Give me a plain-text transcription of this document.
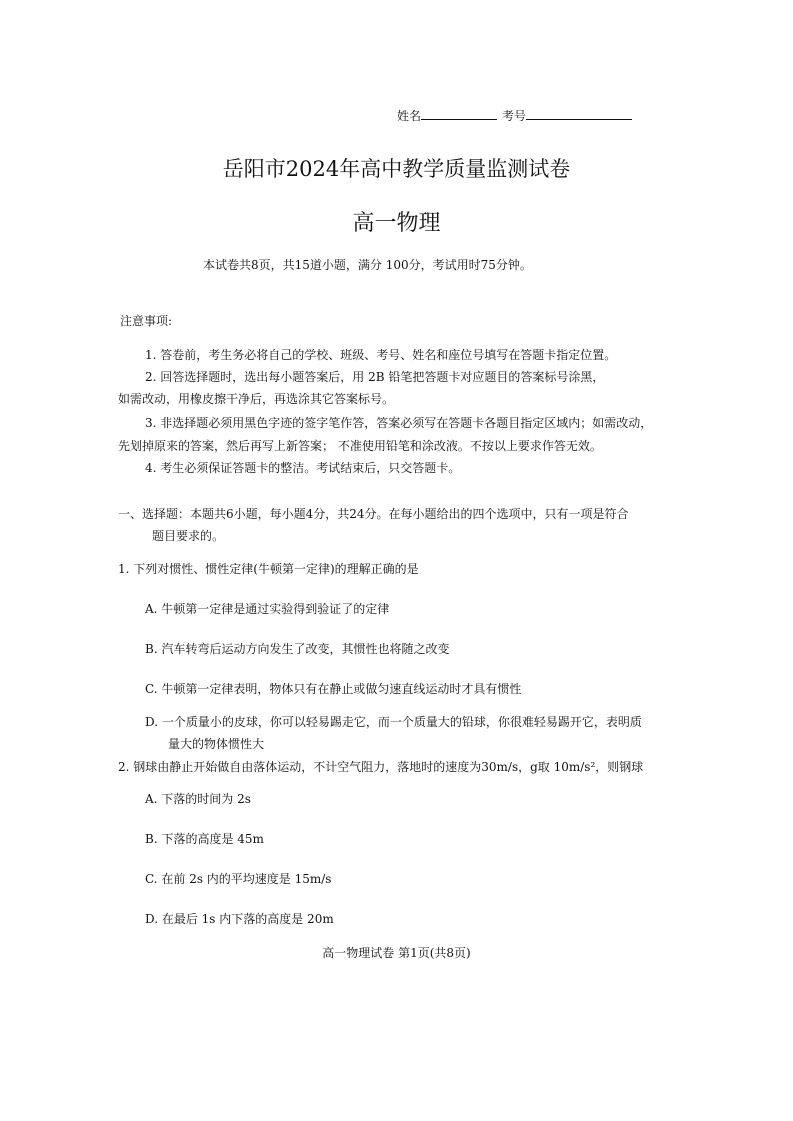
姓名	考号
岳阳市2024年高中教学质量监测试卷
高一物理
本试卷共8页，共15道小题，满分 100分，考试用时75分钟。
注意事项:
1. 答卷前，考生务必将自己的学校、班级、考号、姓名和座位号填写在答题卡指定位置。
2. 回答选择题时，选出每小题答案后，用 2B 铅笔把答题卡对应题目的答案标号涂黑，
如需改动，用橡皮擦干净后，再选涂其它答案标号。
3. 非选择题必须用黑色字迹的签字笔作答，答案必须写在答题卡各题目指定区域内；如需改动，
先划掉原来的答案，然后再写上新答案； 不准使用铅笔和涂改液。不按以上要求作答无效。
4. 考生必须保证答题卡的整洁。考试结束后，只交答题卡。
一、选择题：本题共6小题，每小题4分，共24分。在每小题给出的四个选项中，只有一项是符合
题目要求的。
1. 下列对惯性、惯性定律(牛顿第一定律)的理解正确的是
A. 牛顿第一定律是通过实验得到验证了的定律
B. 汽车转弯后运动方向发生了改变，其惯性也将随之改变
C. 牛顿第一定律表明，物体只有在静止或做匀速直线运动时才具有惯性
D. 一个质量小的皮球，你可以轻易踢走它，而一个质量大的铅球，你很难轻易踢开它，表明质
量大的物体惯性大
2. 钢球由静止开始做自由落体运动，不计空气阻力，落地时的速度为30m/s，g取 10m/s²，则钢球
A. 下落的时间为 2s
B. 下落的高度是 45m
C. 在前 2s 内的平均速度是 15m/s
D. 在最后 1s 内下落的高度是 20m
高一物理试卷 第1页(共8页)
